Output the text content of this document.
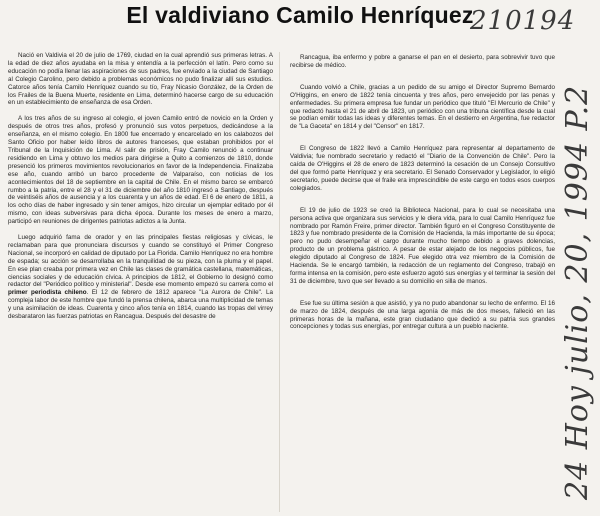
El valdiviano Camilo Henríquez
210194
24 Hoy julio, 20, 1994 P.2

Nació en Valdivia el 20 de julio de 1769, ciudad en la cual aprendió sus primeras letras. A la edad de diez años ayudaba en la misa y entendía a la perfección el latín. Pero como su educación no podía llenar las aspiraciones de sus padres, fue enviado a la ciudad de Santiago al Colegio Carolino, pero debido a problemas económicos no pudo finalizar allí sus estudios. Catorce años tenía Camilo Henríquez cuando su tío, Fray Nicasio González, de la Orden de los Frailes de la Buena Muerte, residente en Lima, determinó hacerse cargo de su educación en un establecimiento de enseñanza de esa Orden.

A los tres años de su ingreso al colegio, el joven Camilo entró de novicio en la Orden y después de otros tres años, profesó y pronunció sus votos perpetuos, dedicándose a la enseñanza, en el mismo colegio. En 1800 fue encerrado y encarcelado en los calabozos del Santo Oficio por haber leído libros de autores franceses, que estaban prohibidos por el Tribunal de la Inquisición de Lima. Al salir de prisión, Fray Camilo renunció a continuar residiendo en Lima y obtuvo los medios para dirigirse a Quito a comienzos de 1810, donde presenció los primeros movimientos revolucionarios en favor de la Independencia. Finalizaba ese año, cuando arribó un barco procedente de Valparaíso, con noticias de los acontecimientos del 18 de septiembre en la capital de Chile. En el mismo barco se embarcó rumbo a la patria, entre el 28 y el 31 de diciembre del año 1810 ingresó a Santiago, después de veintiséis años de ausencia y a los cuarenta y un años de edad. El 6 de enero de 1811, a los ocho días de haber ingresado y sin tener amigos, hizo circular un ejemplar editado por él mismo, con ideas subversivas para dicha época. Durante los meses de enero a marzo, participó en reuniones de dirigentes patriotas adictos a la Junta.

Luego adquirió fama de orador y en las principales fiestas religiosas y cívicas, le reclamaban para que pronunciara discursos y cuando se constituyó el Primer Congreso Nacional, se incorporó en calidad de diputado por La Florida. Camilo Henríquez no era hombre de espada; su acción se desarrollaba en la tranquilidad de su pieza, con la pluma y el papel. En ese plan creaba por primera vez en Chile las clases de gramática castellana, matemáticas, ciencias sociales y de educación cívica. A principios de 1812, el Gobierno lo designó como redactor del "Periódico político y ministerial". Desde ese momento empezó su carrera como el primer periodista chileno. El 12 de febrero de 1812 aparece "La Aurora de Chile". La compleja labor de este hombre que fundó la prensa chilena, abarca una multiplicidad de temas y una asimilación de ideas. Cuarenta y cinco años tenía en 1814, cuando las tropas del virrey desbarataron las fuerzas patriotas en Rancagua. Después del desastre de

Rancagua, iba enfermo y pobre a ganarse el pan en el desierto, para sobrevivir tuvo que recibirse de médico.

Cuando volvió a Chile, gracias a un pedido de su amigo el Director Supremo Bernardo O'Higgins, en enero de 1822 tenía cincuenta y tres años, pero envejecido por las penas y enfermedades. Su primera empresa fue fundar un periódico que tituló "El Mercurio de Chile" y que redactó hasta el 21 de abril de 1823, un periódico con una tribuna científica desde la cual se podían emitir todas las ideas y diferentes temas. En el destierro en Argentina, fue redactor de "La Gaceta" en 1814 y del "Censor" en 1817.

El Congreso de 1822 llevó a Camilo Henríquez para representar al departamento de Valdivia; fue nombrado secretario y redactó el "Diario de la Convención de Chile". Pero la caída de O'Higgins el 28 de enero de 1823 determinó la cesación de un Consejo Consultivo del que formó parte Henríquez y era secretario. El Senado Conservador y Legislador, lo eligió secretario, puede decirse que el fraile era imprescindible de este cargo en todos esos cuerpos colegiados.

El 19 de julio de 1923 se creó la Biblioteca Nacional, para lo cual se necesitaba una persona activa que organizara sus servicios y le diera vida, para lo cual Camilo Henríquez fue nombrado por Ramón Freire, primer director. También figuró en el Congreso Constituyente de 1823 y fue nombrado presidente de la Comisión de Hacienda, la más importante de su época; pero no pudo desempeñar el cargo durante mucho tiempo debido a graves dolencias, producto de un problema gástrico. A pesar de estar alejado de los negocios públicos, fue elegido diputado al Congreso de 1824. Fue elegido otra vez miembro de la Comisión de Hacienda. Se le encargó también, la redacción de un reglamento del Congreso, trabajó en forma intensa en la comisión, pero este esfuerzo agotó sus energías y el terminar la sesión del 31 de diciembre, tuvo que ser llevado a su domicilio en silla de manos.

Ese fue su última sesión a que asistió, y ya no pudo abandonar su lecho de enfermo. El 16 de marzo de 1824, después de una larga agonía de más de dos meses, falleció en las primeras horas de la mañana, este gran ciudadano que dedicó a su patria sus grandes concepciones y todas sus energías, por entregar cultura a un pueblo naciente.
